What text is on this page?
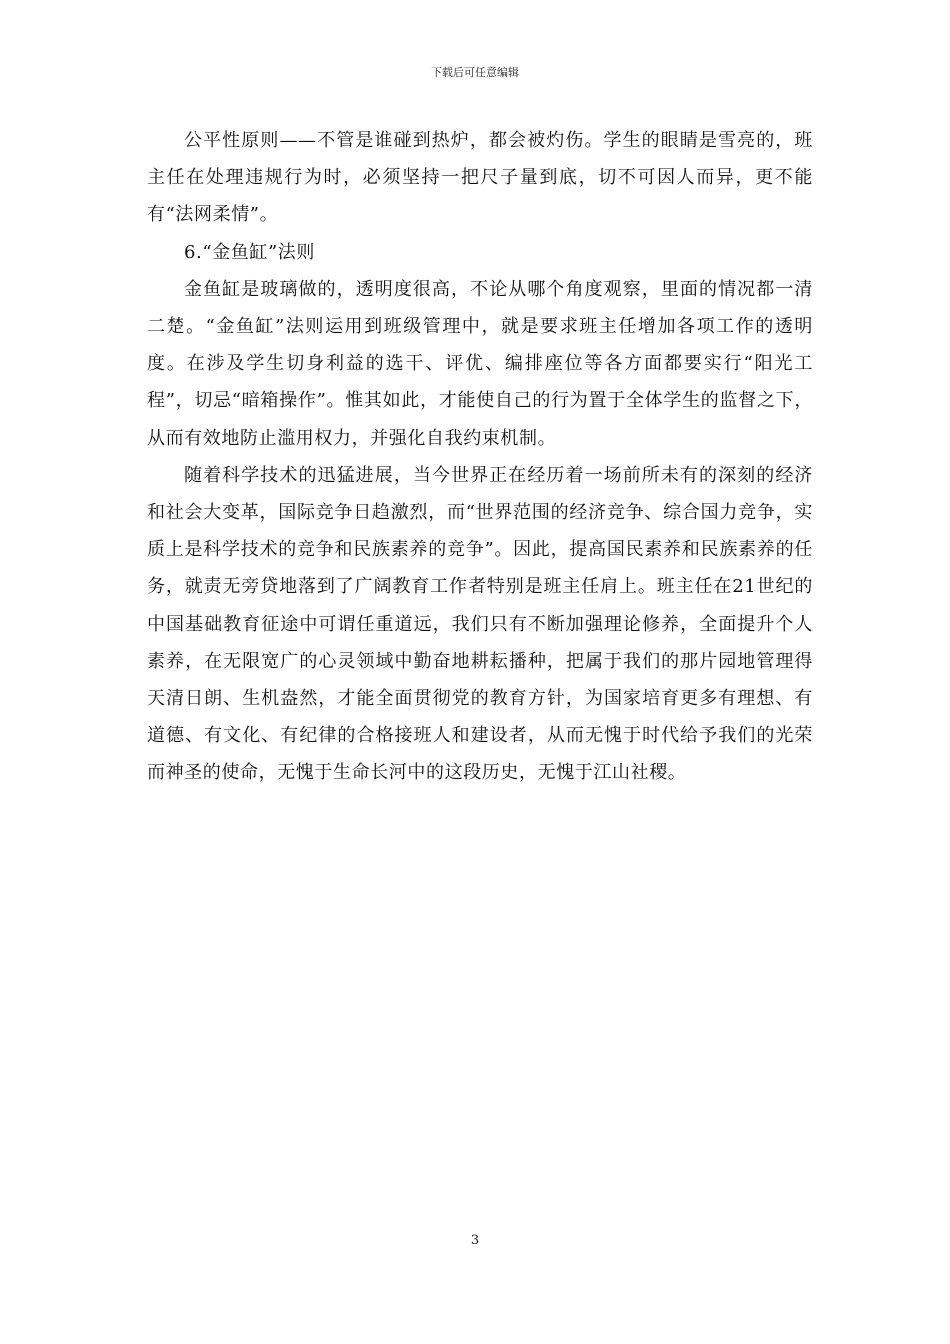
下载后可任意编辑

公平性原则——不管是谁碰到热炉，都会被灼伤。学生的眼睛是雪亮的，班主任在处理违规行为时，必须坚持一把尺子量到底，切不可因人而异，更不能有“法网柔情”。

6.“金鱼缸”法则

金鱼缸是玻璃做的，透明度很高，不论从哪个角度观察，里面的情况都一清二楚。“金鱼缸”法则运用到班级管理中，就是要求班主任增加各项工作的透明度。在涉及学生切身利益的选干、评优、编排座位等各方面都要实行“阳光工程”，切忌“暗箱操作”。惟其如此，才能使自己的行为置于全体学生的监督之下，从而有效地防止滥用权力，并强化自我约束机制。

随着科学技术的迅猛进展，当今世界正在经历着一场前所未有的深刻的经济和社会大变革，国际竞争日趋激烈，而“世界范围的经济竞争、综合国力竞争，实质上是科学技术的竞争和民族素养的竞争”。因此，提高国民素养和民族素养的任务，就责无旁贷地落到了广阔教育工作者特别是班主任肩上。班主任在21世纪的中国基础教育征途中可谓任重道远，我们只有不断加强理论修养，全面提升个人素养，在无限宽广的心灵领域中勤奋地耕耘播种，把属于我们的那片园地管理得天清日朗、生机盎然，才能全面贯彻党的教育方针，为国家培育更多有理想、有道德、有文化、有纪律的合格接班人和建设者，从而无愧于时代给予我们的光荣而神圣的使命，无愧于生命长河中的这段历史，无愧于江山社稷。

3
